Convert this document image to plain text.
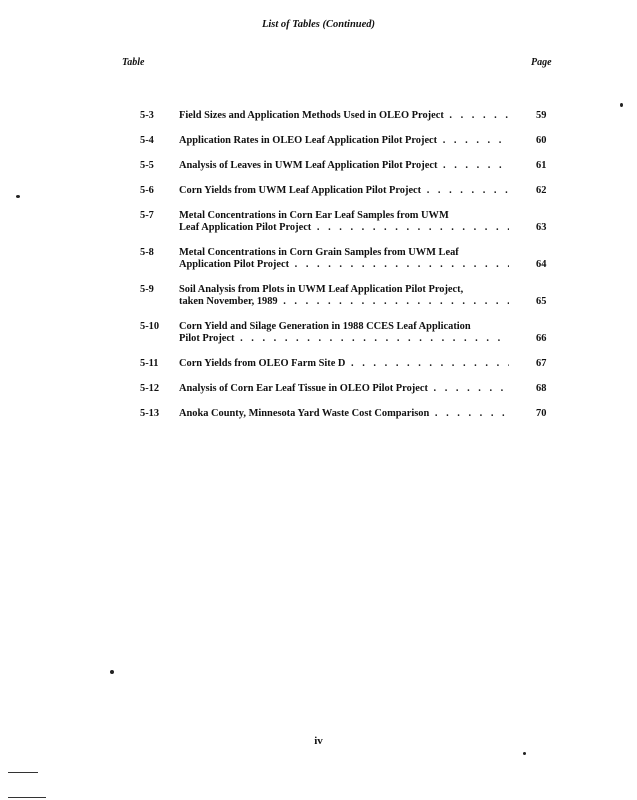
List of Tables (Continued)
Table	Page
5-3 Field Sizes and Application Methods Used in OLEO Project . . .	59
5-4 Application Rates in OLEO Leaf Application Pilot Project . . .	60
5-5 Analysis of Leaves in UWM Leaf Application Pilot Project . . .	61
5-6 Corn Yields from UWM Leaf Application Pilot Project . . .	62
5-7 Metal Concentrations in Corn Ear Leaf Samples from UWM
Leaf Application Pilot Project . . .	63
5-8 Metal Concentrations in Corn Grain Samples from UWM Leaf
Application Pilot Project . . .	64
5-9 Soil Analysis from Plots in UWM Leaf Application Pilot Project,
taken November, 1989 . . .	65
5-10 Corn Yield and Silage Generation in 1988 CCES Leaf Application
Pilot Project . . .	66
5-11 Corn Yields from OLEO Farm Site D . . .	67
5-12 Analysis of Corn Ear Leaf Tissue in OLEO Pilot Project . . .	68
5-13 Anoka County, Minnesota Yard Waste Cost Comparison . . .	70
iv
